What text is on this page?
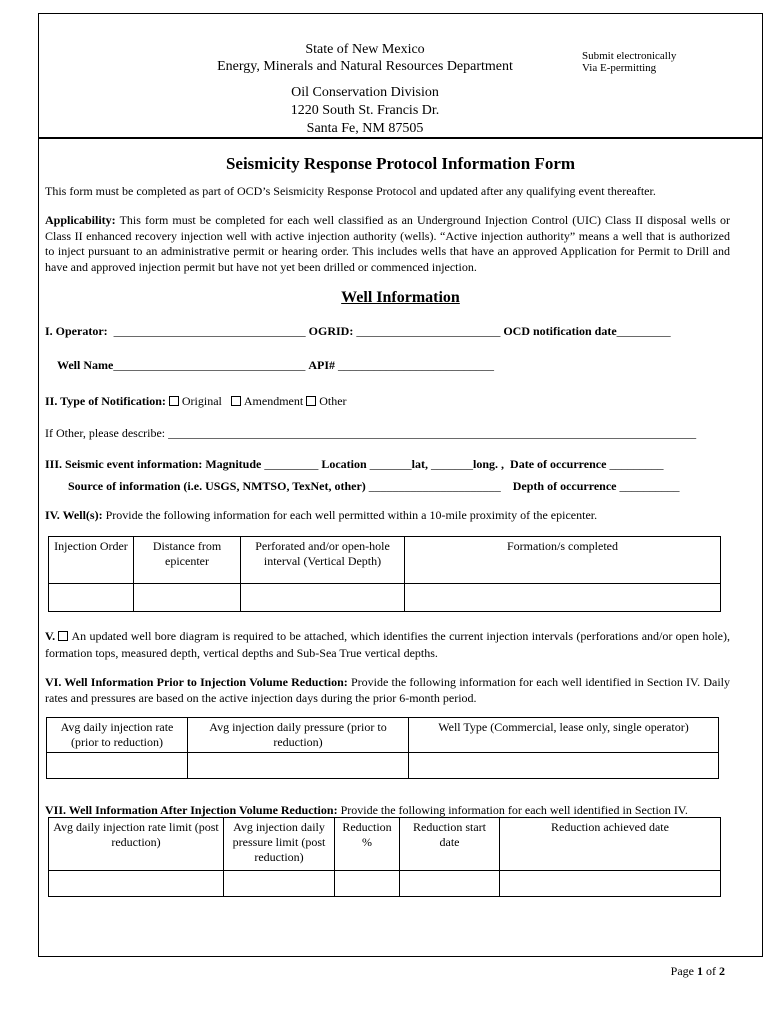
State of New Mexico
Energy, Minerals and Natural Resources Department
Submit electronically
Via E-permitting
Oil Conservation Division
1220 South St. Francis Dr.
Santa Fe, NM 87505
Seismicity Response Protocol Information Form
This form must be completed as part of OCD’s Seismicity Response Protocol and updated after any qualifying event thereafter.
Applicability: This form must be completed for each well classified as an Underground Injection Control (UIC) Class II disposal wells or Class II enhanced recovery injection well with active injection authority (wells). “Active injection authority” means a well that is authorized to inject pursuant to an administrative permit or hearing order. This includes wells that have an approved Application for Permit to Drill and have and approved injection permit but have not yet been drilled or commenced injection.
Well Information
I. Operator: ________________________________ OGRID: ________________________ OCD notification date_________
Well Name________________________________ API# __________________________
II. Type of Notification: Original Amendment Other
If Other, please describe: ________________________________________________________________________________________
III. Seismic event information: Magnitude _________ Location _______lat, _______long. , Date of occurrence _________
Source of information (i.e. USGS, NMTSO, TexNet, other) ______________________ Depth of occurrence __________
IV. Well(s): Provide the following information for each well permitted within a 10-mile proximity of the epicenter.
Injection Order	Distance from epicenter	Perforated and/or open-hole interval (Vertical Depth)	Formation/s completed

V. An updated well bore diagram is required to be attached, which identifies the current injection intervals (perforations and/or open hole), formation tops, measured depth, vertical depths and Sub-Sea True vertical depths.
VI. Well Information Prior to Injection Volume Reduction: Provide the following information for each well identified in Section IV. Daily rates and pressures are based on the active injection days during the prior 6-month period.
Avg daily injection rate (prior to reduction)	Avg injection daily pressure (prior to reduction)	Well Type (Commercial, lease only, single operator)

VII. Well Information After Injection Volume Reduction: Provide the following information for each well identified in Section IV.
Avg daily injection rate limit (post reduction)	Avg injection daily pressure limit (post reduction)	Reduction %	Reduction start date	Reduction achieved date

Page 1 of 2
